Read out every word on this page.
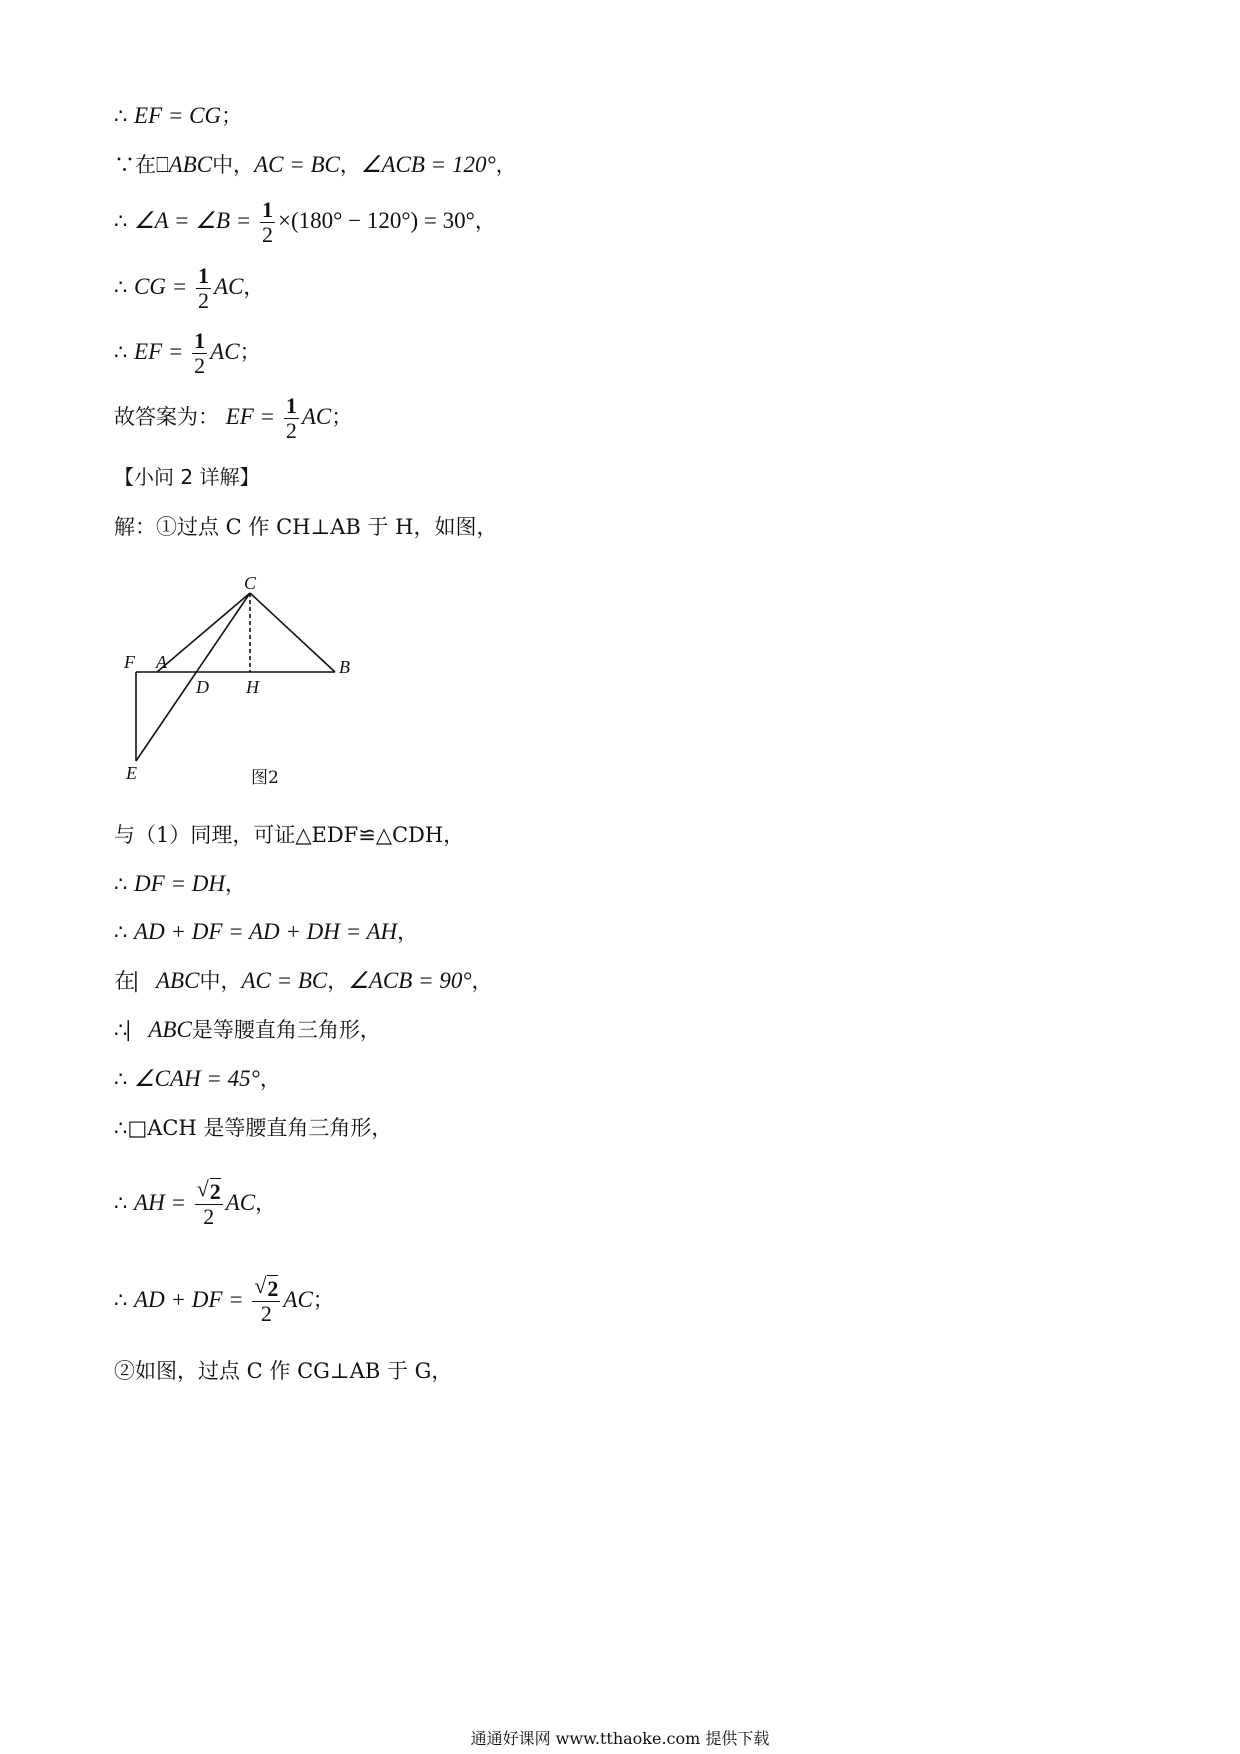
∴ EF = CG；
∵在⎕ABC中，AC = BC，∠ACB = 120°，
∴ ∠A = ∠B = $\frac{1}{2} \times(180^\circ - 120^\circ) = 30^\circ$，
∴ CG = $\frac{1}{2}$ AC，
∴ EF = $\frac{1}{2}$ AC；
故答案为： EF = $\frac{1}{2}$ AC；
【小问 2 详解】
解：①过点 C 作 CH⊥AB 于 H，如图，
C
F A	B
D H
E	图2
与（1）同理，可证△EDF≌△CDH，
∴ DF = DH，
∴ AD + DF = AD + DH = AH，
在⎸ABC中，AC = BC，∠ACB = 90°，
∴⎸ABC是等腰直角三角形，
∴ ∠CAH = 45°，
∴□ACH 是等腰直角三角形，
∴ AH = $\frac{√ 2}{2}$ AC，
∴ AD + DF = $\frac{√ 2}{2}$ AC；
②如图，过点 C 作 CG⊥AB 于 G，
通通好课网 www.tthaoke.com 提供下载
